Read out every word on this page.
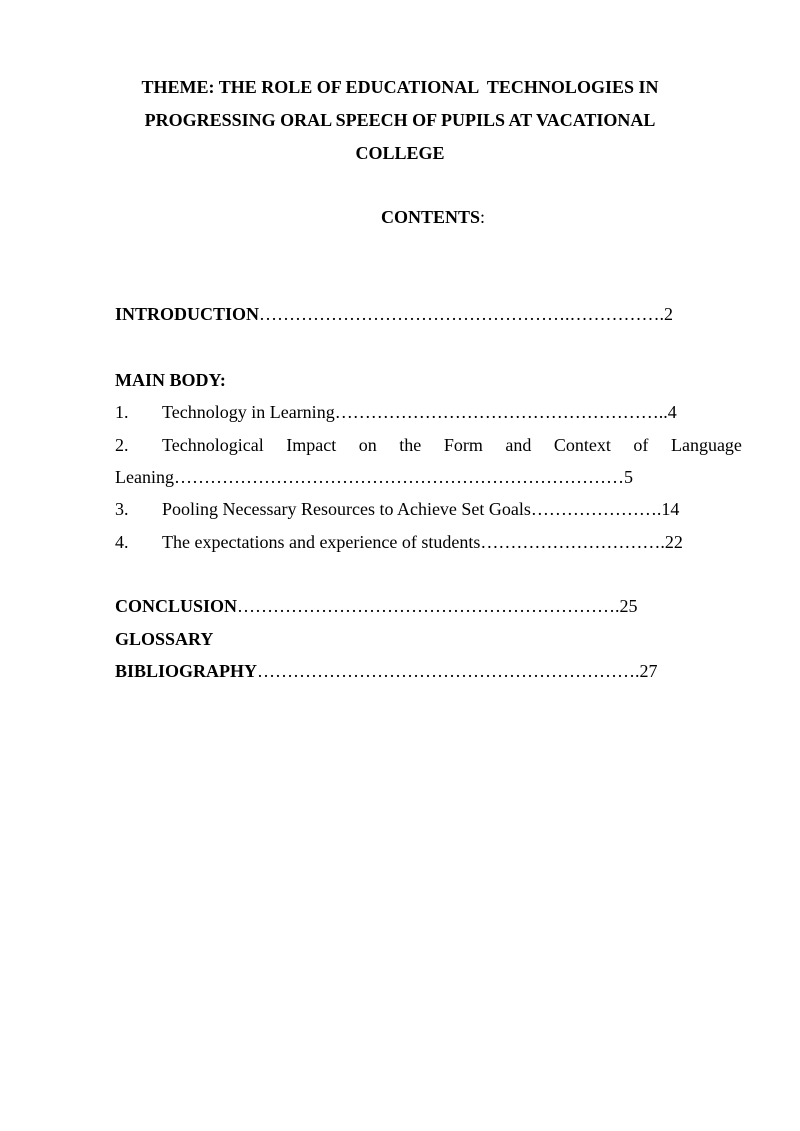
THEME: THE ROLE OF EDUCATIONAL  TECHNOLOGIES IN
PROGRESSING ORAL SPEECH OF PUPILS AT VACATIONAL
COLLEGE
CONTENTS:
INTRODUCTION…………………………………………….…………….2
MAIN BODY:
1. Technology in Learning………………………………………………..4
2. Technological Impact on the Form and Context of Language
Leaning…………………………………………………………………5
3. Pooling Necessary Resources to Achieve Set Goals………………….14
4. The expectations and experience of students………………………….22
CONCLUSION……………………………………………………….25
GLOSSARY
BIBLIOGRAPHY……………………………………………………….27
